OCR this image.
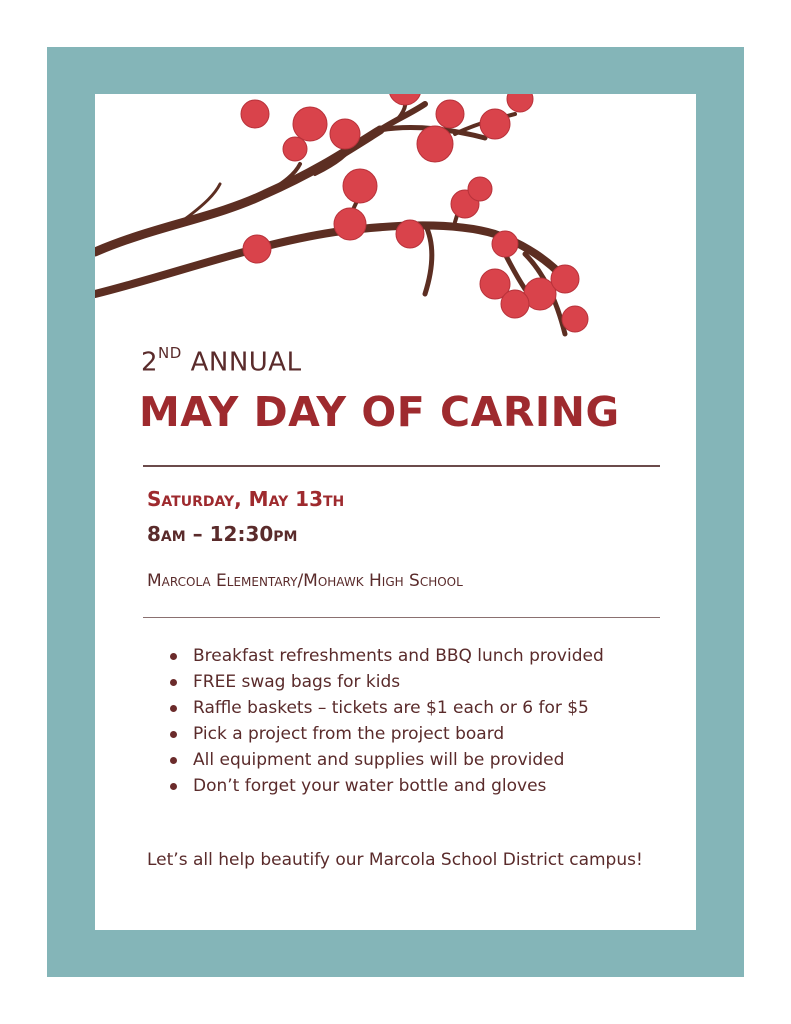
2ND ANNUAL
MAY DAY OF CARING
Saturday, May 13th
8am – 12:30pm
Marcola Elementary/Mohawk High School
Breakfast refreshments and BBQ lunch provided
FREE swag bags for kids
Raffle baskets – tickets are $1 each or 6 for $5
Pick a project from the project board
All equipment and supplies will be provided
Don’t forget your water bottle and gloves
Let’s all help beautify our Marcola School District campus!
